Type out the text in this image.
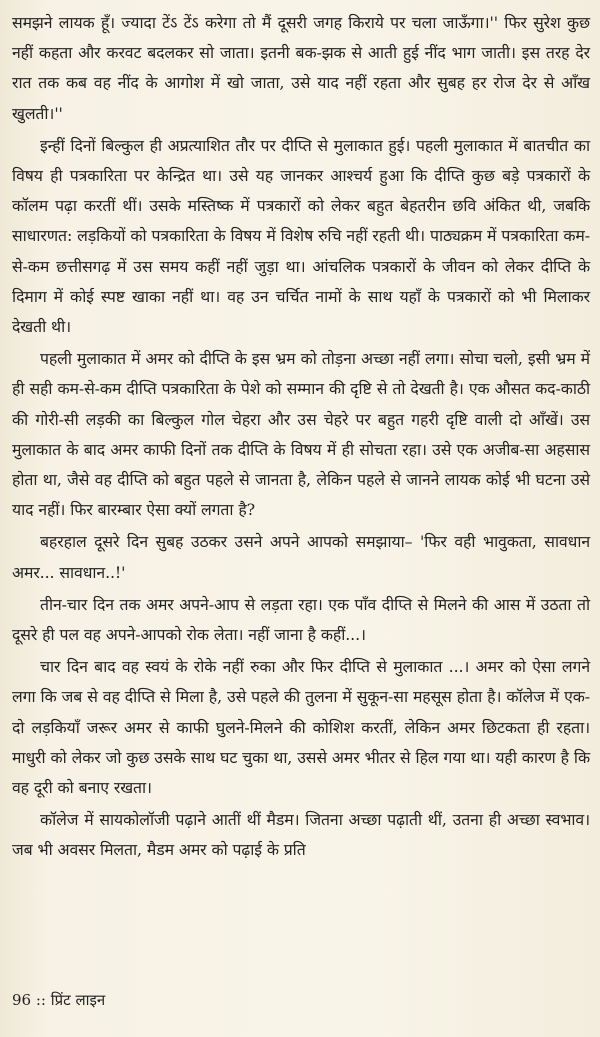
समझने लायक हूँ। ज्यादा टेंऽ टेंऽ करेगा तो मैं दूसरी जगह किराये पर चला जाऊँगा।'' फिर सुरेश कुछ नहीं कहता और करवट बदलकर सो जाता। इतनी बक-झक से आती हुई नींद भाग जाती। इस तरह देर रात तक कब वह नींद के आगोश में खो जाता, उसे याद नहीं रहता और सुबह हर रोज देर से आँख खुलती।''

इन्हीं दिनों बिल्कुल ही अप्रत्याशित तौर पर दीप्ति से मुलाकात हुई। पहली मुलाकात में बातचीत का विषय ही पत्रकारिता पर केन्द्रित था। उसे यह जानकर आश्चर्य हुआ कि दीप्ति कुछ बड़े पत्रकारों के कॉलम पढ़ा करतीं थीं। उसके मस्तिष्क में पत्रकारों को लेकर बहुत बेहतरीन छवि अंकित थी, जबकि साधारणत: लड़कियों को पत्रकारिता के विषय में विशेष रुचि नहीं रहती थी। पाठ्यक्रम में पत्रकारिता कम-से-कम छत्तीसगढ़ में उस समय कहीं नहीं जुड़ा था। आंचलिक पत्रकारों के जीवन को लेकर दीप्ति के दिमाग में कोई स्पष्ट खाका नहीं था। वह उन चर्चित नामों के साथ यहाँ के पत्रकारों को भी मिलाकर देखती थी।

पहली मुलाकात में अमर को दीप्ति के इस भ्रम को तोड़ना अच्छा नहीं लगा। सोचा चलो, इसी भ्रम में ही सही कम-से-कम दीप्ति पत्रकारिता के पेशे को सम्मान की दृष्टि से तो देखती है। एक औसत कद-काठी की गोरी-सी लड़की का बिल्कुल गोल चेहरा और उस चेहरे पर बहुत गहरी दृष्टि वाली दो आँखें। उस मुलाकात के बाद अमर काफी दिनों तक दीप्ति के विषय में ही सोचता रहा। उसे एक अजीब-सा अहसास होता था, जैसे वह दीप्ति को बहुत पहले से जानता है, लेकिन पहले से जानने लायक कोई भी घटना उसे याद नहीं। फिर बारम्बार ऐसा क्यों लगता है?

बहरहाल दूसरे दिन सुबह उठकर उसने अपने आपको समझाया– 'फिर वही भावुकता, सावधान अमर... सावधान..!'

तीन-चार दिन तक अमर अपने-आप से लड़ता रहा। एक पाँव दीप्ति से मिलने की आस में उठता तो दूसरे ही पल वह अपने-आपको रोक लेता। नहीं जाना है कहीं...।

चार दिन बाद वह स्वयं के रोके नहीं रुका और फिर दीप्ति से मुलाकात ...। अमर को ऐसा लगने लगा कि जब से वह दीप्ति से मिला है, उसे पहले की तुलना में सुकून-सा महसूस होता है। कॉलेज में एक-दो लड़कियाँ जरूर अमर से काफी घुलने-मिलने की कोशिश करतीं, लेकिन अमर छिटकता ही रहता। माधुरी को लेकर जो कुछ उसके साथ घट चुका था, उससे अमर भीतर से हिल गया था। यही कारण है कि वह दूरी को बनाए रखता।

कॉलेज में सायकोलॉजी पढ़ाने आतीं थीं मैडम। जितना अच्छा पढ़ाती थीं, उतना ही अच्छा स्वभाव। जब भी अवसर मिलता, मैडम अमर को पढ़ाई के प्रति

96 :: प्रिंट लाइन
